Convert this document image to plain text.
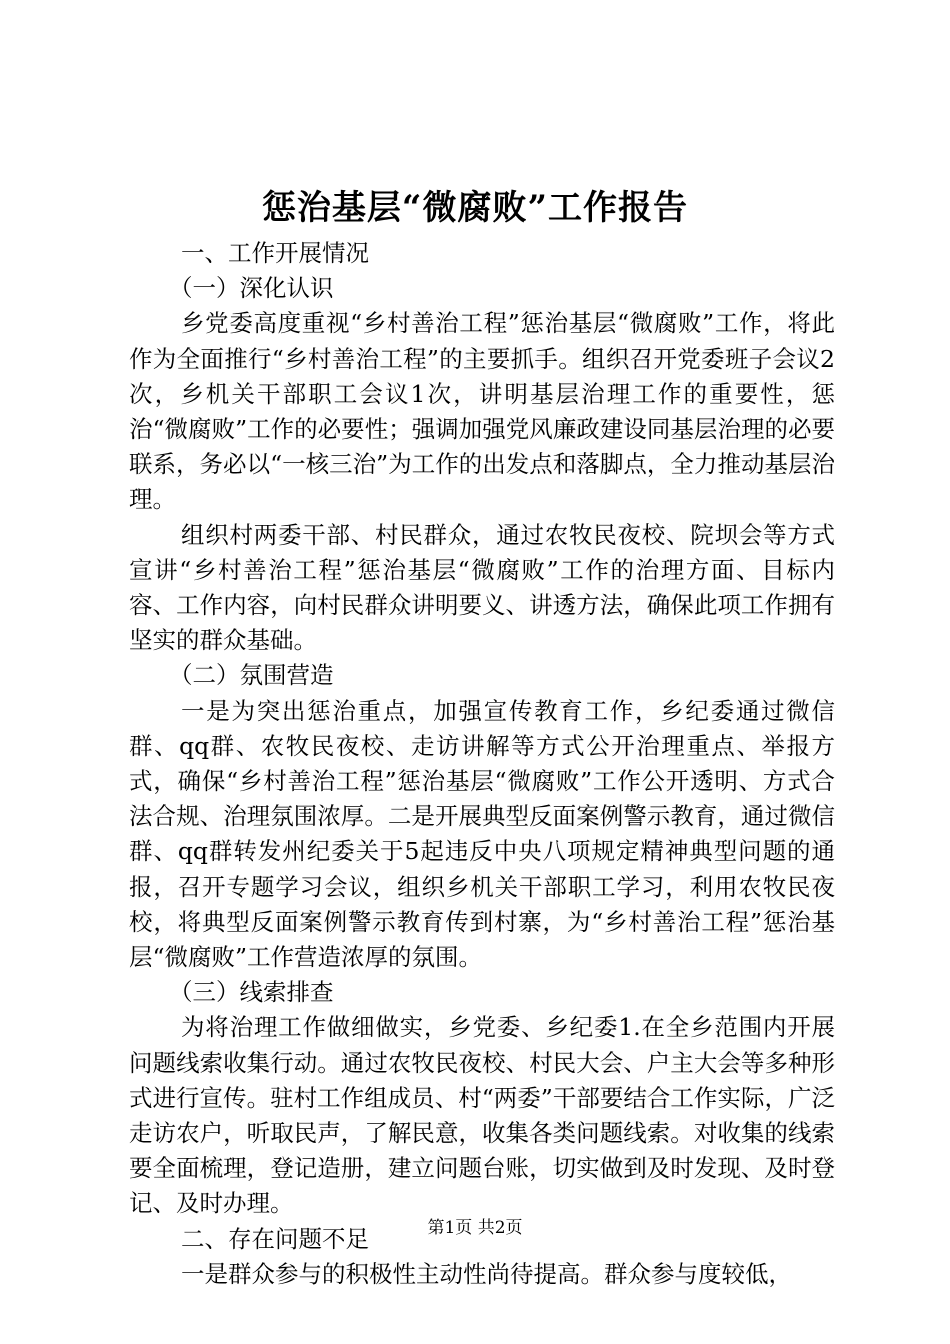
惩治基层“微腐败”工作报告

一、工作开展情况

（一）深化认识

乡党委高度重视“乡村善治工程”惩治基层“微腐败”工作，将此作为全面推行“乡村善治工程”的主要抓手。组织召开党委班子会议2次，乡机关干部职工会议1次，讲明基层治理工作的重要性，惩治“微腐败”工作的必要性；强调加强党风廉政建设同基层治理的必要联系，务必以“一核三治”为工作的出发点和落脚点，全力推动基层治理。

组织村两委干部、村民群众，通过农牧民夜校、院坝会等方式宣讲“乡村善治工程”惩治基层“微腐败”工作的治理方面、目标内容、工作内容，向村民群众讲明要义、讲透方法，确保此项工作拥有坚实的群众基础。

（二）氛围营造

一是为突出惩治重点，加强宣传教育工作，乡纪委通过微信群、qq群、农牧民夜校、走访讲解等方式公开治理重点、举报方式，确保“乡村善治工程”惩治基层“微腐败”工作公开透明、方式合法合规、治理氛围浓厚。二是开展典型反面案例警示教育，通过微信群、qq群转发州纪委关于5起违反中央八项规定精神典型问题的通报，召开专题学习会议，组织乡机关干部职工学习，利用农牧民夜校，将典型反面案例警示教育传到村寨，为“乡村善治工程”惩治基层“微腐败”工作营造浓厚的氛围。

（三）线索排查

为将治理工作做细做实，乡党委、乡纪委1.在全乡范围内开展问题线索收集行动。通过农牧民夜校、村民大会、户主大会等多种形式进行宣传。驻村工作组成员、村“两委”干部要结合工作实际，广泛走访农户，听取民声，了解民意，收集各类问题线索。对收集的线索要全面梳理，登记造册，建立问题台账，切实做到及时发现、及时登记、及时办理。

二、存在问题不足

一是群众参与的积极性主动性尚待提高。群众参与度较低，

第1页 共2页
